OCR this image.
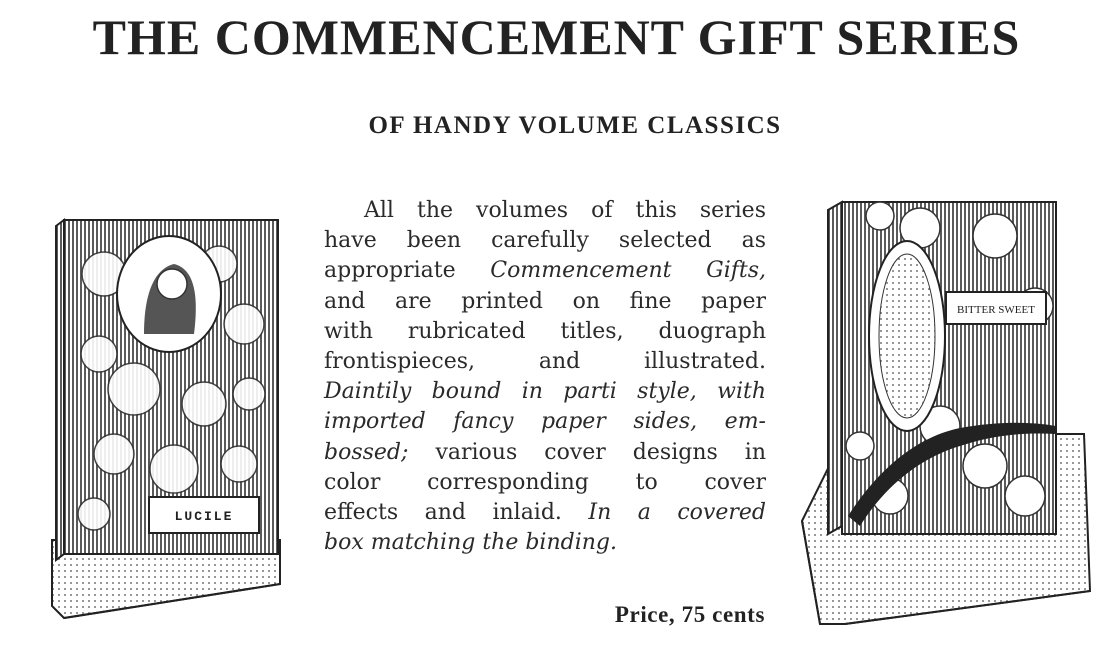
THE COMMENCEMENT GIFT SERIES
OF HANDY VOLUME CLASSICS
LUCILE
All the volumes of this series
have been carefully selected as
appropriate Commencement Gifts,
and are printed on fine paper
with rubricated titles, duograph
frontispieces, and illustrated.
Daintily bound in parti style, with
imported fancy paper sides, em-
bossed; various cover designs in
color corresponding to cover
effects and inlaid. In a covered
box matching the binding.
Price, 75 cents
BITTER SWEET
